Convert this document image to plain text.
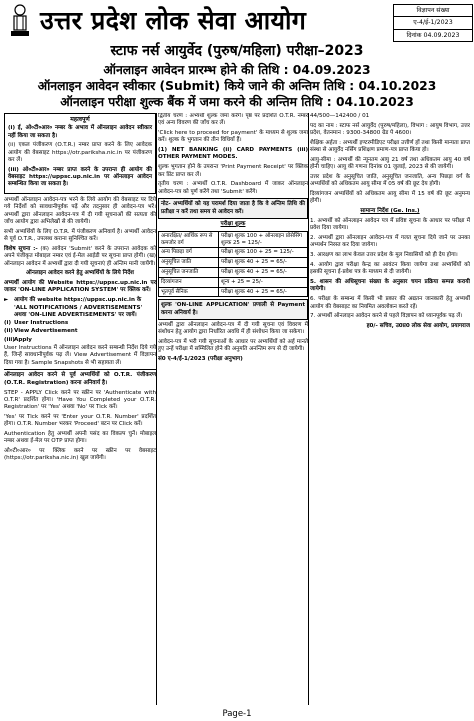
उत्तर प्रदेश लोक सेवा आयोग	विज्ञापन संख्या
ए-4/ई-1/2023
दिनांक 04.09.2023
स्टाफ नर्स आयुर्वेद (पुरुष/महिला) परीक्षा–2023
ऑनलाइन आवेदन प्रारम्भ होने की तिथि : 04.09.2023
ऑनलाइन आवेदन स्वीकार (Submit) किये जाने की अन्तिम तिथि : 04.10.2023
ऑनलाइन परीक्षा शुल्क बैंक में जमा करने की अन्तिम तिथि : 04.10.2023
महत्वपूर्ण
(i) ई, ओ०टी०आर० नम्बर के अभाव में ऑनलाइन आवेदन स्वीकार नहीं किया जा सकता है।
(ii) एकल पंजीकरण (O.T.R.) नम्बर प्राप्त करने के लिए आवेदक आयोग की वेबसाइट https://otr.pariksha.nic.in पर पंजीकरण कर लें।
(iii) ओ०टी०आर० नम्बर प्राप्त करने के उपरान्त ही आयोग की वेबसाइट https://uppsc.up.nic.in पर ऑनलाइन आवेदन सम्बन्धित किया जा सकता है।
अभ्यर्थी ऑनलाइन आवेदन-पत्र भरने के लिये आयोग की वेबसाइट पर दिये गये निर्देशों को सावधानीपूर्वक पढ़ें और तदनुसार ही आवेदन-पत्र भरें। अभ्यर्थी द्वारा ऑनलाइन आवेदन-पत्र में दी गयी सूचनाओं की सत्यता की जाँच आयोग द्वारा अभिलेखों से की जायेगी।
सभी अभ्यर्थियों के लिए O.T.R. में पंजीकरण अनिवार्य है। अभ्यर्थी आवेदन से पूर्व O.T.R., उपलब्ध कराना सुनिश्चित करें।
विशेष सूचना :- (क) आवेदन 'Submit' करने के उपरान्त आवेदक को अपने पंजीकृत मोबाइल नम्बर एवं ई-मेल आईडी पर सूचना प्राप्त होगी। (ख) ऑनलाइन आवेदन में अभ्यर्थी द्वारा दी गयी सूचनाएं ही अन्तिम मानी जायेंगी।
ऑनलाइन आवेदन करने हेतु अभ्यर्थियों के लिये निर्देश
अभ्यर्थी आयोग की Website https://uppsc.up.nic.in पर जाकर 'ON-LINE APPLICATION SYSTEM' पर क्लिक करें।
► आयोग की website https://uppsc.up.nic.in के 'ALL NOTIFICATIONS / ADVERTISEMENTS' अथवा 'ON-LINE ADVERTISEMENTS' पर जायें।
(i) User Instructions
(ii) View Advertisement
(iii) Apply
User Instructions में ऑनलाइन आवेदन करने सम्बन्धी निर्देश दिये गये हैं, जिन्हें सावधानीपूर्वक पढ़ लें। View Advertisement में विज्ञापन दिया गया है। Sample Snapshots से भी सहायता लें।
ऑनलाइन आवेदन करने से पूर्व अभ्यर्थियों को O.T.R. पंजीकरण (O.T.R. Registration) करना अनिवार्य है।
STEP - APPLY Click करने पर स्क्रीन पर 'Authenticate with O.T.R' प्रदर्शित होगा। 'Have You Completed your O.T.R. Registration' पर 'Yes' अथवा 'No' पर Tick करें।
'Yes' पर Tick करने पर 'Enter your O.T.R. Number' प्रदर्शित होगा। O.T.R. Number भरकर 'Proceed' बटन पर Click करें।
Authentication हेतु अभ्यर्थी अपनी पसंद का विकल्प चुनें। मोबाइल नम्बर अथवा ई-मेल पर OTP प्राप्त होगा।
ओ०टी०आर० पर क्लिक करने पर स्क्रीन पर वेबसाइट (https://otr.pariksha.nic.in) खुल जायेगी।
द्वितीय चरण : अभ्यर्थी शुल्क जमा करेंगे। पृष्ठ पर प्रदर्शित O.T.R. नम्बर एवं अन्य विवरण की जाँच कर लें।
'Click here to proceed for payment' के माध्यम से शुल्क जमा करें। शुल्क के भुगतान की तीन विधियाँ हैं।
(1) NET BANKING (ii) CARD PAYMENTS (iii) OTHER PAYMENT MODES.
शुल्क भुगतान होने के उपरान्त 'Print Payment Receipt' पर क्लिक कर प्रिंट प्राप्त कर लें।
तृतीय चरण : अभ्यर्थी O.T.R. Dashboard में जाकर ऑनलाइन आवेदन-पत्र को पूर्ण करेंगे तथा 'Submit' करेंगे।
नोट- अभ्यर्थियों को यह परामर्श दिया जाता है कि वे अन्तिम तिथि की प्रतीक्षा न करें तथा समय से आवेदन करें।
परीक्षा शुल्क
अनारक्षित/ आर्थिक रूप से कमजोर वर्ग	परीक्षा शुल्क 100 + ऑनलाइन प्रोसेसिंग शुल्क 25 = 125/-
अन्य पिछड़ा वर्ग	परीक्षा शुल्क 100 + 25 = 125/-
अनुसूचित जाति	परीक्षा शुल्क 40 + 25 = 65/-
अनुसूचित जनजाति	परीक्षा शुल्क 40 + 25 = 65/-
दिव्यांगजन	शून्य + 25 = 25/-
भूतपूर्व सैनिक	परीक्षा शुल्क 40 + 25 = 65/-
शुल्क 'ON-LINE APPLICATION' प्रणाली से Payment करना अनिवार्य है।
अभ्यर्थी द्वारा ऑनलाइन आवेदन-पत्र में दी गयी सूचना एवं विवरण में संशोधन हेतु आयोग द्वारा निर्धारित अवधि में ही संशोधन किया जा सकेगा।
आवेदन-पत्र में भरी गयी सूचनाओं के आधार पर अभ्यर्थियों को अर्ह मानते हुए उन्हें परीक्षा में सम्मिलित होने की अनुमति अनन्तिम रूप से दी जायेगी।
सं0 ए-4/ई-1/2023 (परीक्षा अनुभाग)
44/500—142400 / 01
पद का नाम : स्टाफ नर्स आयुर्वेद (पुरुष/महिला), विभाग : आयुष विभाग, उत्तर प्रदेश, वेतनमान : 9300-34800 ग्रेड पे 4600।
शैक्षिक अर्हता : अभ्यर्थी इण्टरमीडिएट परीक्षा उत्तीर्ण हों तथा किसी मान्यता प्राप्त संस्था से आयुर्वेद नर्सिंग प्रशिक्षण प्रमाण-पत्र प्राप्त किया हो।
आयु-सीमा : अभ्यर्थी की न्यूनतम आयु 21 वर्ष तथा अधिकतम आयु 40 वर्ष होनी चाहिए। आयु की गणना दिनांक 01 जुलाई, 2023 से की जायेगी।
उत्तर प्रदेश के अनुसूचित जाति, अनुसूचित जनजाति, अन्य पिछड़ा वर्ग के अभ्यर्थियों को अधिकतम आयु सीमा में 05 वर्ष की छूट देय होगी।
दिव्यांगजन अभ्यर्थियों को अधिकतम आयु सीमा में 15 वर्ष की छूट अनुमन्य होगी।
सामान्य निर्देश (Ge. Ins.)
1. अभ्यर्थी को ऑनलाइन आवेदन पत्र में प्रविष्ट सूचना के आधार पर परीक्षा में प्रवेश दिया जायेगा।
2. अभ्यर्थी द्वारा ऑनलाइन आवेदन-पत्र में गलत सूचना दिये जाने पर उनका अभ्यर्थन निरस्त कर दिया जायेगा।
3. आरक्षण का लाभ केवल उत्तर प्रदेश के मूल निवासियों को ही देय होगा।
4. आयोग द्वारा परीक्षा केन्द्र का आवंटन किया जायेगा तथा अभ्यर्थियों को इसकी सूचना ई-प्रवेश पत्र के माध्यम से दी जायेगी।
5. शासन की अधिसूचना संख्या के अनुसार चयन प्रक्रिया सम्पन्न करायी जायेगी।
6. परीक्षा के सम्बन्ध में किसी भी प्रकार की अद्यतन जानकारी हेतु अभ्यर्थी आयोग की वेबसाइट का नियमित अवलोकन करते रहें।
7. अभ्यर्थी ऑनलाइन आवेदन करने से पहले विज्ञापन को ध्यानपूर्वक पढ़ लें।
ह0/- सचिव, उ0प्र0 लोक सेवा आयोग, प्रयागराज
Page-1
